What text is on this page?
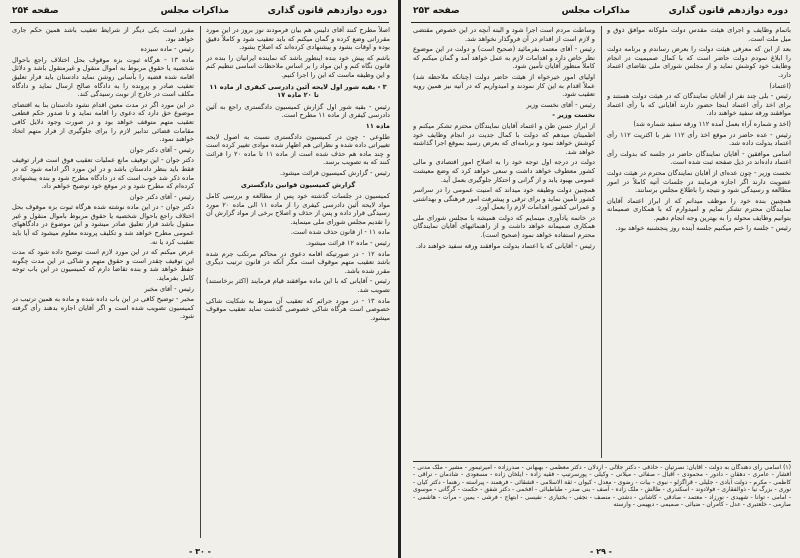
دوره دوازدهم قانون گذاری
مذاکرات مجلس
صفحه ۲۵۴

اصلاً مطرح کنند آقای دلیس هم بیان فرمودند نوز بروز در این مورد مقرراتی وضع کرده و گمان میکنم که باید تعقیب شود و کاملاً دقیق بوده و اوقات بشود و پیشنهادی کرده‌اند که اصلاح بشود.

باشم که پیش خود بنده اینطور باشد که نماینده ایرانیان را بنده در قانون نگاه کنم و این مواد را بر اساس ملاحظات اساسی تنظیم کنم و این وظیفه ماست که این را اجرا کنیم.

۳ - بقیه شور اول لایحه آئین دادرسی کیفری از ماده ۱۱ تا ۲۰ ماده ۱۷

رئیس - بقیه شور اول گزارش کمیسیون دادگستری راجع به آئین دادرسی کیفری از ماده ۱۱ مطرح است.

ماده ۱۱

طلوعی - چون در کمیسیون دادگستری نسبت به اصول لایحه تغییراتی داده شده و نظراتی هم اظهار شده موادی تغییر کرده است و چند ماده هم حذف شده است از ماده ۱۱ تا ماده ۲۰ را قرائت کنند که به تصویب برسد.

رئیس - گزارش کمیسیون قرائت میشود.

گزارش کمیسیون قوانین دادگستری

کمیسیون در جلسات گذشته خود پس از مطالعه و بررسی کامل مواد لایحه آئین دادرسی کیفری را از ماده ۱۱ الی ماده ۲۰ مورد رسیدگی قرار داده و پس از حذف و اصلاح برخی از مواد گزارش آن را تقدیم مجلس شورای ملی مینماید.

ماده ۱۱ - از قانون حذف شده است.

رئیس - ماده ۱۲ قرائت میشود.

ماده ۱۲ - در صورتیکه اقامه دعوی در محاکم مرتکب جرم شده باشد تعقیب متهم موقوف است مگر آنکه در قانون ترتیب دیگری مقرر شده باشد.

رئیس - آقایانی که با این ماده موافقند قیام فرمایند (اکثر برخاستند) تصویب شد.

ماده ۱۳ - در مورد جرائم که تعقیب آن منوط به شکایت شاکی خصوصی است هرگاه شاکی خصوصی گذشت نماید تعقیب موقوف میشود.

مقرر است یکی دیگر از شرایط تعقیب باشد همین حکم جاری خواهد بود.

رئیس - ماده سیزده

ماده ۱۳ - هرگاه ثبوت بزه موقوف بحل اختلاف راجع باحوال شخصیه یا حقوق مربوط به اموال منقول و غیرمنقول باشد و دلائل اقامه شده قضیه را بآسانی روشن نماید دادستان باید قرار تعلیق تعقیب صادر و پرونده را به دادگاه صالح ارسال نماید و دادگاه مکلف است در خارج از نوبت رسیدگی کند.

در این مورد اگر در مدت معین اقدام نشود دادستان بنا به اقتضای موضوع حق دارد که دعوی را اقامه نماید و تا صدور حکم قطعی تعقیب متهم متوقف خواهد بود و در صورت وجود دلایل کافی مقامات قضائی تدابیر لازم را برای جلوگیری از فرار متهم اتخاذ خواهند نمود.

رئیس - آقای دکتر جوان

دکتر جوان - این توقیف مانع عملیات تعقیب فوق است قرار توقیف فقط باید بنظر دادستان باشد و در این مورد اگر ادامه شود که در ماده ذکر شد خوب است که در دادگاه مطرح شود و بنده پیشنهادی کرده‌ام که مطرح شود و در موقع خود توضیح خواهم داد.

رئیس - آقای دکتر جوان

دکتر جوان - در این ماده نوشته شده هرگاه ثبوت بزه موقوف بحل اختلاف راجع باحوال شخصیه یا حقوق مربوط باموال منقول و غیر منقول باشد قرار تعلیق صادر میشود و این موضوع در دادگاههای عمومی مطرح خواهد شد و تکلیف پرونده معلوم میشود که آیا باید تعقیب کرد یا نه.

عرض میکنم که در این مورد لازم است توضیح داده شود که مدت این توقیف چقدر است و حقوق متهم و شاکی در این مدت چگونه حفظ خواهد شد و بنده تقاضا دارم که کمیسیون در این باب توجه کامل بفرماید.

رئیس - آقای مخبر

مخبر - توضیح کافی در این باب داده شده و ماده به همین ترتیب در کمیسیون تصویب شده است و اگر آقایان اجازه بدهند رأی گرفته شود.

- ۳۰ -
دوره دوازدهم قانون گذاری
مذاکرات مجلس
صفحه ۲۵۳

باتمام وظایف و اجرای هیئت مقدس دولت ملوکانه موافق ذوق و میل ملت است.

بعد از این که معرفی هیئت دولت را بعرض رساندم و برنامه دولت را ابلاغ نمودم دولت حاضر است که با کمال صمیمیت در انجام وظایف خود کوشش نماید و از مجلس شورای ملی تقاضای اعتماد دارد.

(اعتماد)

رئیس - بلی چند نفر از آقایان نمایندگان که در هیئت دولت هستند و برای اخذ رأی اعتماد اینجا حضور دارند آقایانی که با رأی اعتماد موافقند ورقه سفید خواهند داد.

(اخذ و شماره آراء بعمل آمده ۱۱۲ ورقه سفید شماره شد)

رئیس - عده حاضر در موقع اخذ رأی ۱۱۲ نفر با اکثریت ۱۱۲ رأی اعتماد بدولت داده شد.

اسامی موافقین - آقایان نمایندگان حاضر در جلسه که بدولت رأی اعتماد داده‌اند در ذیل صفحه ثبت شده است.

نخست وزیر - چون عده‌ای از آقایان نمایندگان محترم در هیئت دولت عضویت دارند اگر اجازه فرمایند در جلسات آتیه کاملاً در امور مطالعه و رسیدگی شود و نتیجه را باطلاع مجلس برسانند.

همچنین بنده خود را موظف میدانم که از ابراز اعتماد آقایان نمایندگان محترم تشکر نمایم و امیدوارم که با همکاری صمیمانه بتوانیم وظایف محوله را به بهترین وجه انجام دهیم.

رئیس - جلسه را ختم میکنیم جلسه آینده روز پنجشنبه خواهد بود.

وساطت مردم است اجرا شود و البته آنچه در این خصوص مقتضی و لازم است از اقدام در آن فروگذار نخواهد شد.

رئیس - آقای معتمد بفرمائید (صحیح است) و دولت در این موضوع نظر خاص دارد و اقدامات لازم به عمل خواهد آمد و گمان میکنم که کاملاً منظور آقایان تأمین شود.

اولیای امور خیرخواه از هیئت حاضر دولت (چنانکه ملاحظه شد) عملاً اقدام به این کار نمودند و امیدواریم که در آتیه نیز همین رویه تعقیب شود.

رئیس - آقای نخست وزیر

نخست وزیر -

از ابراز حسن ظن و اعتماد آقایان نمایندگان محترم تشکر میکنم و اطمینان میدهم که دولت با کمال جدیت در انجام وظایف خود کوشش خواهد نمود و برنامه‌ای که بعرض رسید بموقع اجرا گذاشته خواهد شد.

دولت در درجه اول توجه خود را به اصلاح امور اقتصادی و مالی کشور معطوف خواهد داشت و سعی خواهد کرد که وضع معیشت عمومی بهبود یابد و از گرانی و احتکار جلوگیری بعمل آید.

همچنین دولت وظیفه خود میداند که امنیت عمومی را در سراسر کشور تأمین نماید و برای ترقی و پیشرفت امور فرهنگی و بهداشتی و عمرانی کشور اقدامات لازم را بعمل آورد.

در خاتمه یادآوری مینمایم که دولت همیشه با مجلس شورای ملی همکاری صمیمانه خواهد داشت و از راهنمائیهای آقایان نمایندگان محترم استفاده خواهد نمود (صحیح است).

رئیس - آقایانی که با اعتماد بدولت موافقند ورقه سفید خواهند داد.

(۱) اسامی رأی دهندگان به دولت - آقایان: نصرتیان - حاذقی - دکتر جلالی - اردلان - دکتر معظمی - بهبهانی - صدرزاده - امیرتیمور - مشیر - ملک مدنی - افشار - عامری - دهقان - دادور - محمودی - اقبال - صفائی - میلانی - وکیلی - پورسرتیپ - فقیه زاده - ایلخان زاده - مسعودی - شادمان - نراقی - کاظمی - مکرم - دولت آبادی - جلیلی - قراگزلو - نبوی - بیات - رضوی - معدل - کیوان - ثقة الاسلامی - قشقائی - فرهمند - پیراسته - رهنما - دکتر کیان - نوری - بزرگ نیا - ذوالفقاری - فولادوند - اسکندری - طالش - ملک زاده - آصف - بنی صدر - طباطبائی - افخمی - دکتر شفق - حکمت - گرگانی - موسوی - امامی - توانا - شهیدی - نورزاد - معتمد - صادقی - کاشانی - دشتی - منصف - نجفی - بختیاری - نفیسی - ابتهاج - فرشی - یمین - مرآت - هاشمی - صارمی - خلعتبری - عدل - کامران - ضیائی - صمیمی - دیهیمی - وارسته
- ۲۹ -
